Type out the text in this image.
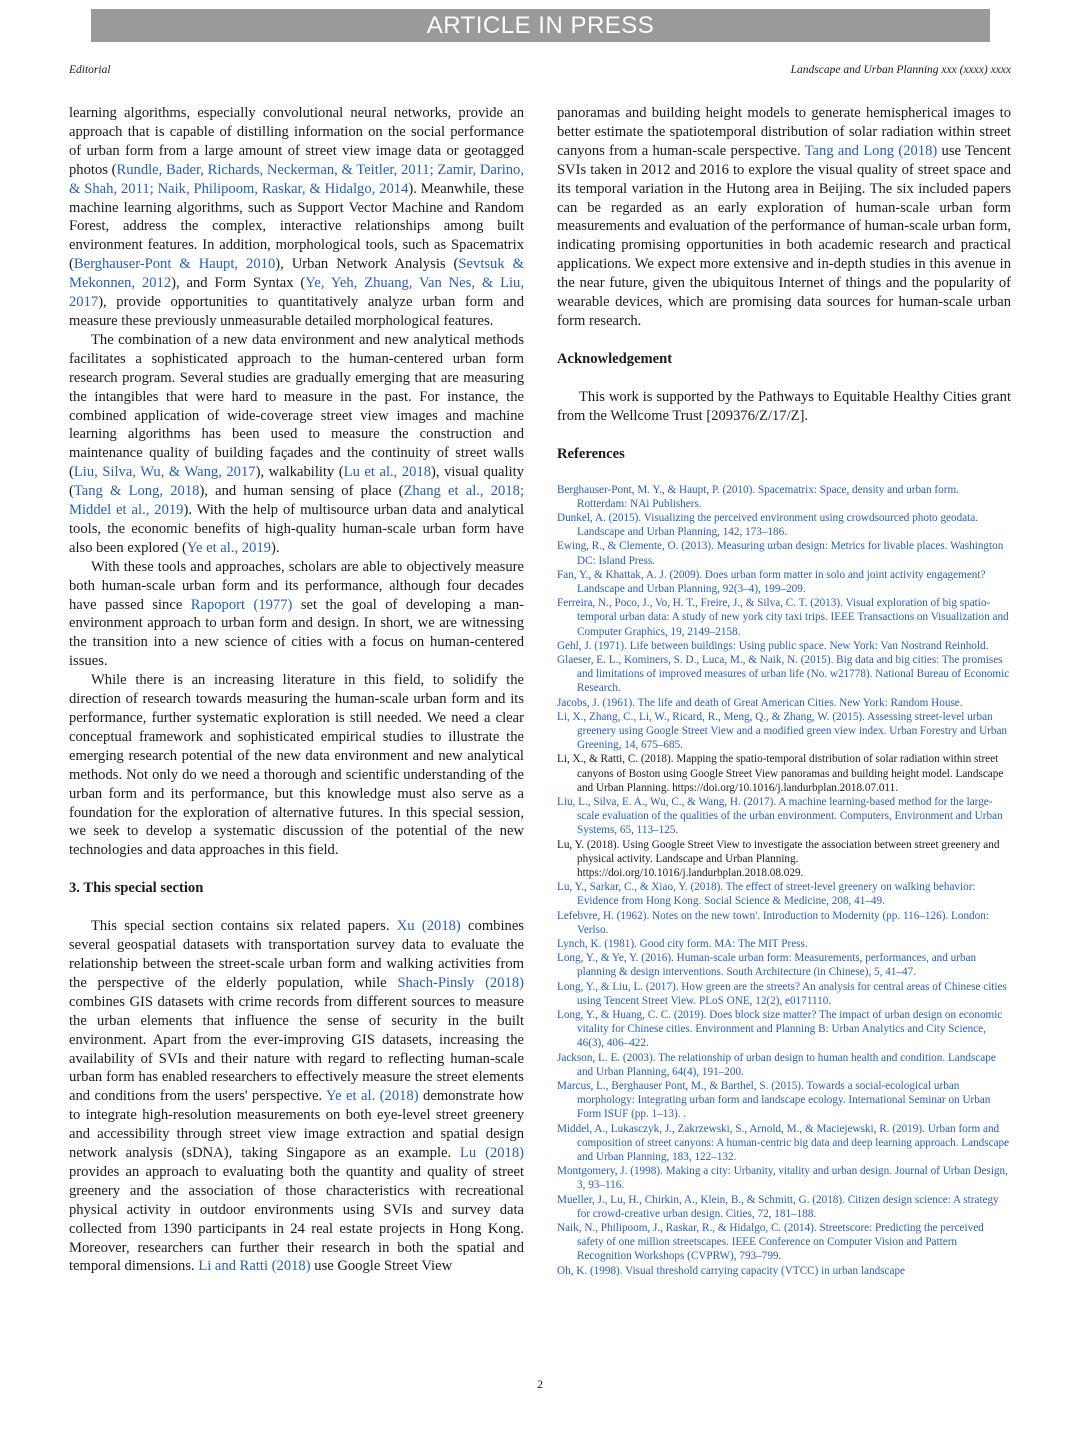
ARTICLE IN PRESS
Editorial	Landscape and Urban Planning xxx (xxxx) xxxx

learning algorithms, especially convolutional neural networks, provide an approach that is capable of distilling information on the social performance of urban form from a large amount of street view image data or geotagged photos (Rundle, Bader, Richards, Neckerman, & Teitler, 2011; Zamir, Darino, & Shah, 2011; Naik, Philipoom, Raskar, & Hidalgo, 2014). Meanwhile, these machine learning algorithms, such as Support Vector Machine and Random Forest, address the complex, interactive relationships among built environment features. In addition, morphological tools, such as Spacematrix (Berghauser-Pont & Haupt, 2010), Urban Network Analysis (Sevtsuk & Mekonnen, 2012), and Form Syntax (Ye, Yeh, Zhuang, Van Nes, & Liu, 2017), provide opportunities to quantitatively analyze urban form and measure these previously unmeasurable detailed morphological features.

The combination of a new data environment and new analytical methods facilitates a sophisticated approach to the human-centered urban form research program. Several studies are gradually emerging that are measuring the intangibles that were hard to measure in the past. For instance, the combined application of wide-coverage street view images and machine learning algorithms has been used to measure the construction and maintenance quality of building façades and the continuity of street walls (Liu, Silva, Wu, & Wang, 2017), walkability (Lu et al., 2018), visual quality (Tang & Long, 2018), and human sensing of place (Zhang et al., 2018; Middel et al., 2019). With the help of multisource urban data and analytical tools, the economic benefits of high-quality human-scale urban form have also been explored (Ye et al., 2019).

With these tools and approaches, scholars are able to objectively measure both human-scale urban form and its performance, although four decades have passed since Rapoport (1977) set the goal of developing a man-environment approach to urban form and design. In short, we are witnessing the transition into a new science of cities with a focus on human-centered issues.

While there is an increasing literature in this field, to solidify the direction of research towards measuring the human-scale urban form and its performance, further systematic exploration is still needed. We need a clear conceptual framework and sophisticated empirical studies to illustrate the emerging research potential of the new data environment and new analytical methods. Not only do we need a thorough and scientific understanding of the urban form and its performance, but this knowledge must also serve as a foundation for the exploration of alternative futures. In this special session, we seek to develop a systematic discussion of the potential of the new technologies and data approaches in this field.

3. This special section

This special section contains six related papers. Xu (2018) combines several geospatial datasets with transportation survey data to evaluate the relationship between the street-scale urban form and walking activities from the perspective of the elderly population, while Shach-Pinsly (2018) combines GIS datasets with crime records from different sources to measure the urban elements that influence the sense of security in the built environment. Apart from the ever-improving GIS datasets, increasing the availability of SVIs and their nature with regard to reflecting human-scale urban form has enabled researchers to effectively measure the street elements and conditions from the users' perspective. Ye et al. (2018) demonstrate how to integrate high-resolution measurements on both eye-level street greenery and accessibility through street view image extraction and spatial design network analysis (sDNA), taking Singapore as an example. Lu (2018) provides an approach to evaluating both the quantity and quality of street greenery and the association of those characteristics with recreational physical activity in outdoor environments using SVIs and survey data collected from 1390 participants in 24 real estate projects in Hong Kong. Moreover, researchers can further their research in both the spatial and temporal dimensions. Li and Ratti (2018) use Google Street View

panoramas and building height models to generate hemispherical images to better estimate the spatiotemporal distribution of solar radiation within street canyons from a human-scale perspective. Tang and Long (2018) use Tencent SVIs taken in 2012 and 2016 to explore the visual quality of street space and its temporal variation in the Hutong area in Beijing. The six included papers can be regarded as an early exploration of human-scale urban form measurements and evaluation of the performance of human-scale urban form, indicating promising opportunities in both academic research and practical applications. We expect more extensive and in-depth studies in this avenue in the near future, given the ubiquitous Internet of things and the popularity of wearable devices, which are promising data sources for human-scale urban form research.

Acknowledgement

This work is supported by the Pathways to Equitable Healthy Cities grant from the Wellcome Trust [209376/Z/17/Z].

References

Berghauser-Pont, M. Y., & Haupt, P. (2010). Spacematrix: Space, density and urban form. Rotterdam: NAi Publishers.

Dunkel, A. (2015). Visualizing the perceived environment using crowdsourced photo geodata. Landscape and Urban Planning, 142, 173–186.

Ewing, R., & Clemente, O. (2013). Measuring urban design: Metrics for livable places. Washington DC: Island Press.

Fan, Y., & Khattak, A. J. (2009). Does urban form matter in solo and joint activity engagement? Landscape and Urban Planning, 92(3–4), 199–209.

Ferreira, N., Poco, J., Vo, H. T., Freire, J., & Silva, C. T. (2013). Visual exploration of big spatio-temporal urban data: A study of new york city taxi trips. IEEE Transactions on Visualization and Computer Graphics, 19, 2149–2158.

Gehl, J. (1971). Life between buildings: Using public space. New York: Van Nostrand Reinhold.

Glaeser, E. L., Kominers, S. D., Luca, M., & Naik, N. (2015). Big data and big cities: The promises and limitations of improved measures of urban life (No. w21778). National Bureau of Economic Research.

Jacobs, J. (1961). The life and death of Great American Cities. New York: Random House.

Li, X., Zhang, C., Li, W., Ricard, R., Meng, Q., & Zhang, W. (2015). Assessing street-level urban greenery using Google Street View and a modified green view index. Urban Forestry and Urban Greening, 14, 675–685.

Li, X., & Ratti, C. (2018). Mapping the spatio-temporal distribution of solar radiation within street canyons of Boston using Google Street View panoramas and building height model. Landscape and Urban Planning. https://doi.org/10.1016/j.landurbplan.2018.07.011.

Liu, L., Silva, E. A., Wu, C., & Wang, H. (2017). A machine learning-based method for the large-scale evaluation of the qualities of the urban environment. Computers, Environment and Urban Systems, 65, 113–125.

Lu, Y. (2018). Using Google Street View to investigate the association between street greenery and physical activity. Landscape and Urban Planning. https://doi.org/10.1016/j.landurbplan.2018.08.029.

Lu, Y., Sarkar, C., & Xiao, Y. (2018). The effect of street-level greenery on walking behavior: Evidence from Hong Kong. Social Science & Medicine, 208, 41–49.

Lefebvre, H. (1962). Notes on the new town'. Introduction to Modernity (pp. 116–126). London: Verlso.

Lynch, K. (1981). Good city form. MA: The MIT Press.

Long, Y., & Ye, Y. (2016). Human-scale urban form: Measurements, performances, and urban planning & design interventions. South Architecture (in Chinese), 5, 41–47.

Long, Y., & Liu, L. (2017). How green are the streets? An analysis for central areas of Chinese cities using Tencent Street View. PLoS ONE, 12(2), e0171110.

Long, Y., & Huang, C. C. (2019). Does block size matter? The impact of urban design on economic vitality for Chinese cities. Environment and Planning B: Urban Analytics and City Science, 46(3), 406–422.

Jackson, L. E. (2003). The relationship of urban design to human health and condition. Landscape and Urban Planning, 64(4), 191–200.

Marcus, L., Berghauser Pont, M., & Barthel, S. (2015). Towards a social-ecological urban morphology: Integrating urban form and landscape ecology. International Seminar on Urban Form ISUF (pp. 1–13). .

Middel, A., Lukasczyk, J., Zakrzewski, S., Arnold, M., & Maciejewski, R. (2019). Urban form and composition of street canyons: A human-centric big data and deep learning approach. Landscape and Urban Planning, 183, 122–132.

Montgomery, J. (1998). Making a city: Urbanity, vitality and urban design. Journal of Urban Design, 3, 93–116.

Mueller, J., Lu, H., Chirkin, A., Klein, B., & Schmitt, G. (2018). Citizen design science: A strategy for crowd-creative urban design. Cities, 72, 181–188.

Naik, N., Philipoom, J., Raskar, R., & Hidalgo, C. (2014). Streetscore: Predicting the perceived safety of one million streetscapes. IEEE Conference on Computer Vision and Pattern Recognition Workshops (CVPRW), 793–799.

Oh, K. (1998). Visual threshold carrying capacity (VTCC) in urban landscape

2
